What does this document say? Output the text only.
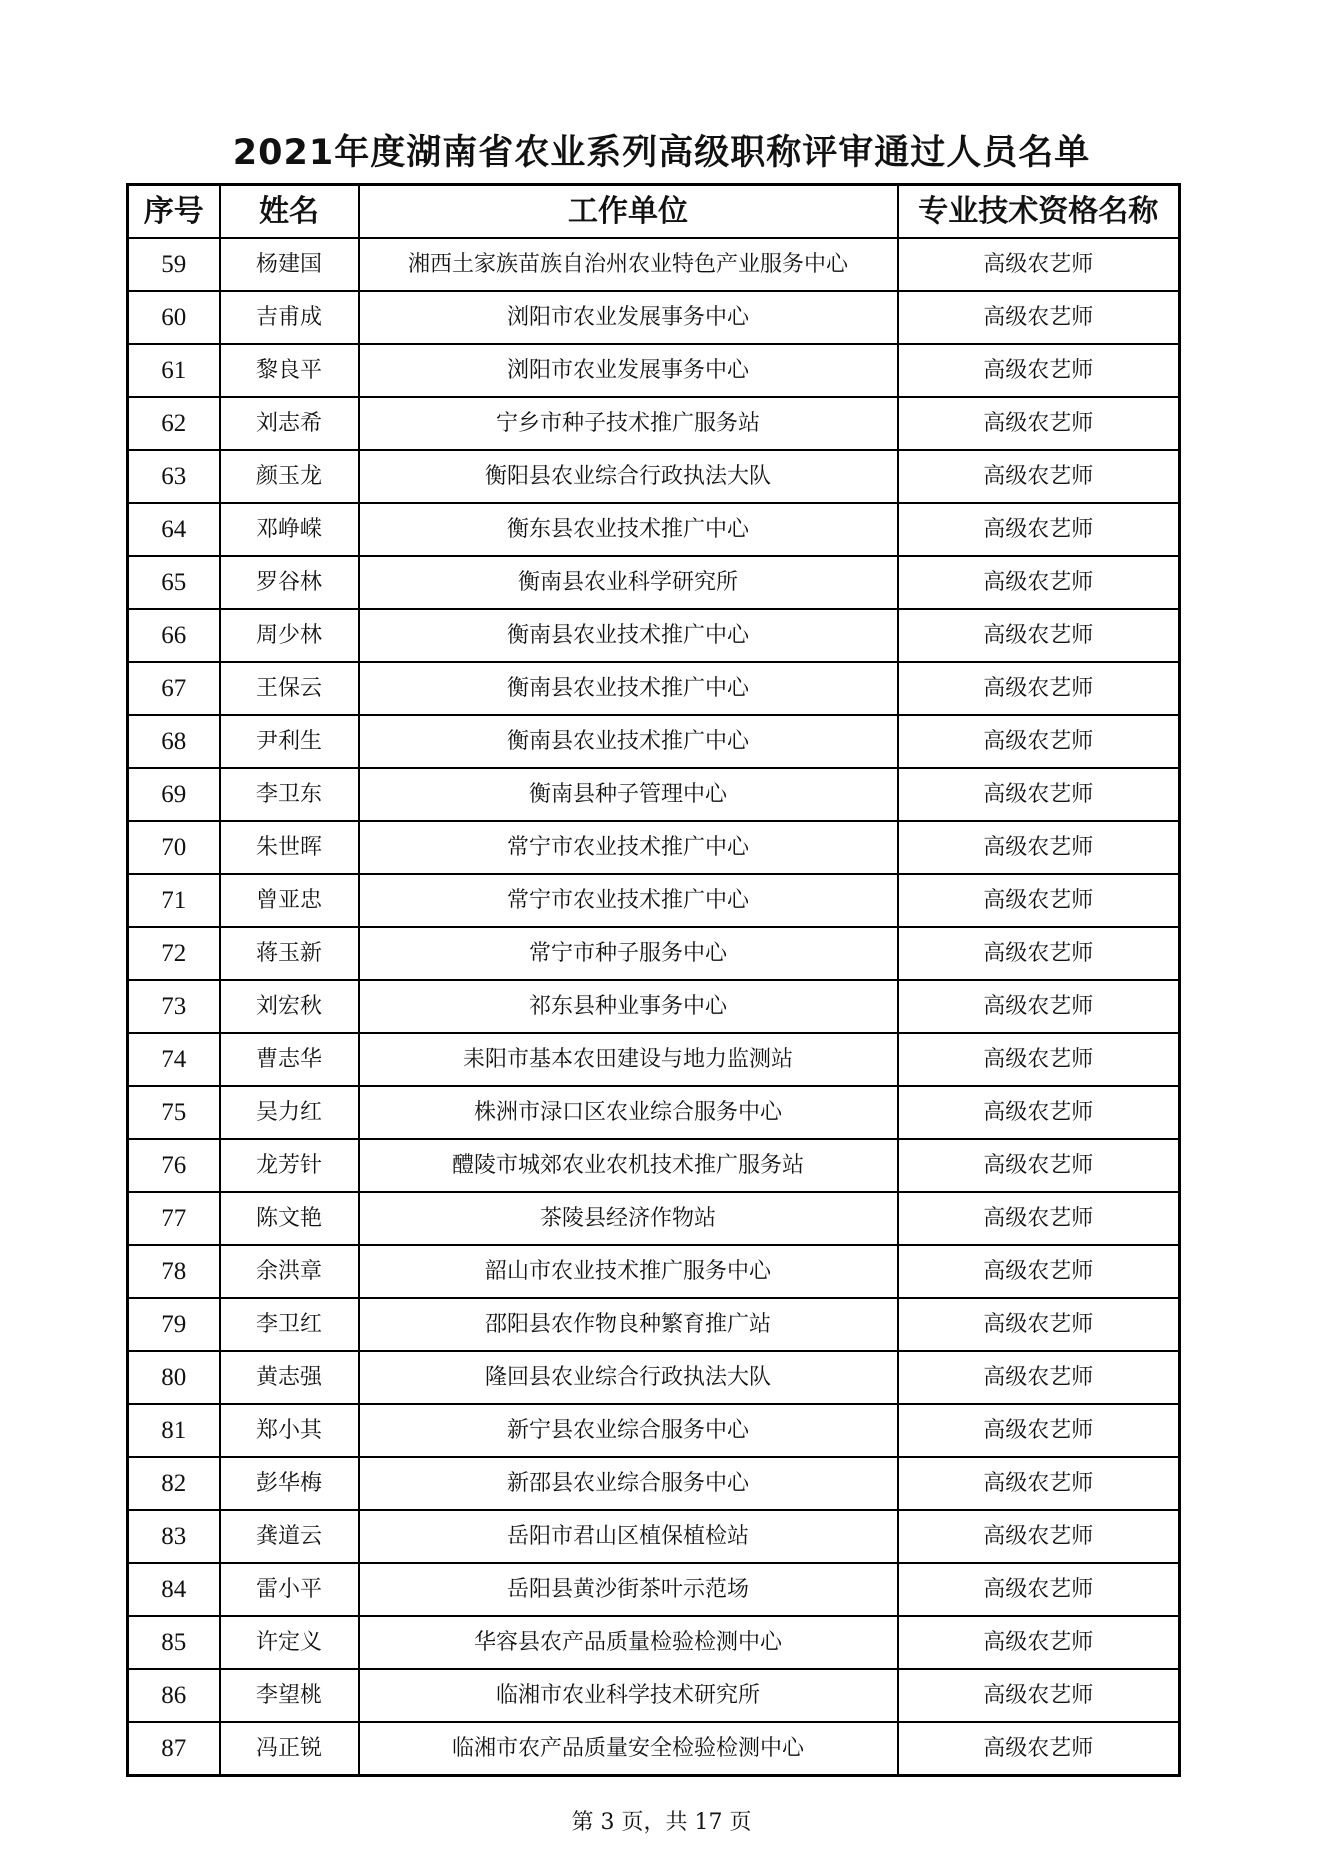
2021年度湖南省农业系列高级职称评审通过人员名单
序号	姓名	工作单位	专业技术资格名称
59	杨建国	湘西土家族苗族自治州农业特色产业服务中心	高级农艺师
60	吉甫成	浏阳市农业发展事务中心	高级农艺师
61	黎良平	浏阳市农业发展事务中心	高级农艺师
62	刘志希	宁乡市种子技术推广服务站	高级农艺师
63	颜玉龙	衡阳县农业综合行政执法大队	高级农艺师
64	邓峥嵘	衡东县农业技术推广中心	高级农艺师
65	罗谷林	衡南县农业科学研究所	高级农艺师
66	周少林	衡南县农业技术推广中心	高级农艺师
67	王保云	衡南县农业技术推广中心	高级农艺师
68	尹利生	衡南县农业技术推广中心	高级农艺师
69	李卫东	衡南县种子管理中心	高级农艺师
70	朱世晖	常宁市农业技术推广中心	高级农艺师
71	曾亚忠	常宁市农业技术推广中心	高级农艺师
72	蒋玉新	常宁市种子服务中心	高级农艺师
73	刘宏秋	祁东县种业事务中心	高级农艺师
74	曹志华	耒阳市基本农田建设与地力监测站	高级农艺师
75	吴力红	株洲市渌口区农业综合服务中心	高级农艺师
76	龙芳针	醴陵市城郊农业农机技术推广服务站	高级农艺师
77	陈文艳	茶陵县经济作物站	高级农艺师
78	余洪章	韶山市农业技术推广服务中心	高级农艺师
79	李卫红	邵阳县农作物良种繁育推广站	高级农艺师
80	黄志强	隆回县农业综合行政执法大队	高级农艺师
81	郑小其	新宁县农业综合服务中心	高级农艺师
82	彭华梅	新邵县农业综合服务中心	高级农艺师
83	龚道云	岳阳市君山区植保植检站	高级农艺师
84	雷小平	岳阳县黄沙街茶叶示范场	高级农艺师
85	许定义	华容县农产品质量检验检测中心	高级农艺师
86	李望桃	临湘市农业科学技术研究所	高级农艺师
87	冯正锐	临湘市农产品质量安全检验检测中心	高级农艺师
第 3 页，共 17 页
